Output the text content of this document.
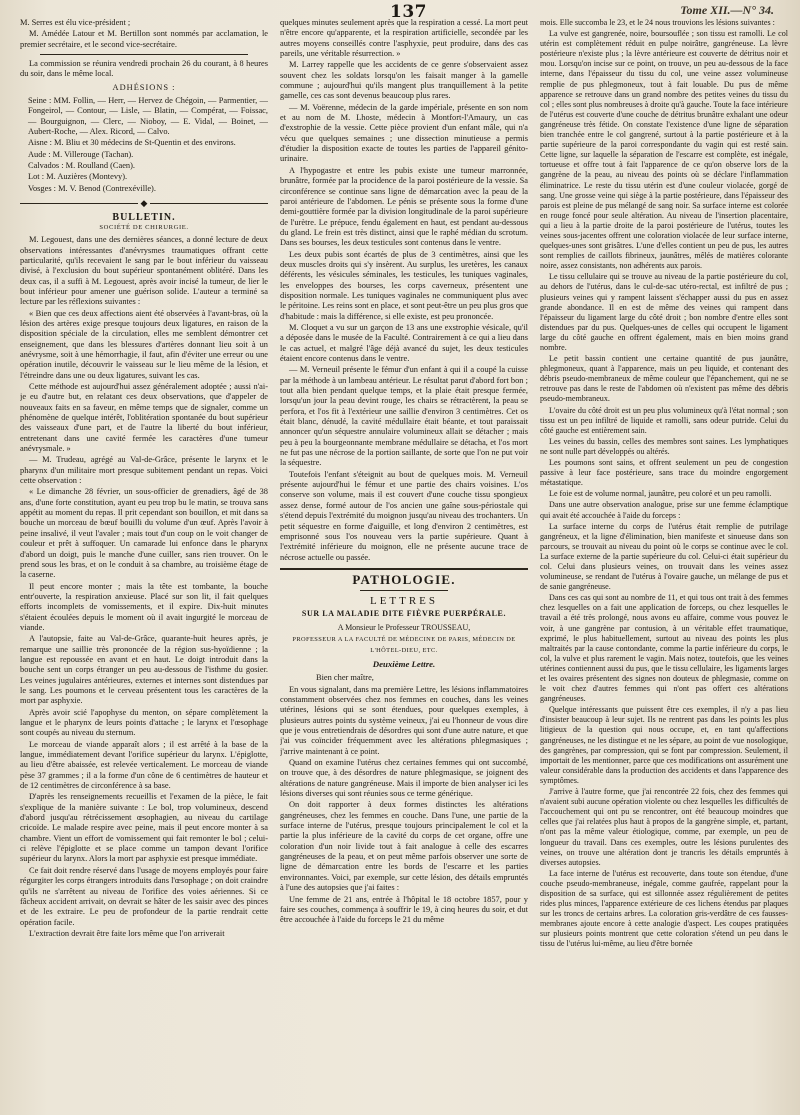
137	Tome XII.—N° 34.

M. Serres est élu vice-président ;

M. Amédée Latour et M. Bertillon sont nommés par acclamation, le premier secrétaire, et le second vice-secrétaire.

La commission se réunira vendredi prochain 26 du courant, à 8 heures du soir, dans le même local.

ADHÉSIONS :

Seine : MM. Follin, — Herr, — Hervez de Chégoin, — Parmentier, — Fongeirol, — Contour, — Lisle, — Blatin, — Compérat, — Foissac, — Bourguignon, — Clerc, — Nioboy, — E. Vidal, — Boinet, — Aubert-Roche, — Alex. Ricord, — Calvo.

Aisne : M. Bliu et 30 médecins de St-Quentin et des environs.

Aude : M. Villerouge (Tachan).

Calvados : M. Roulland (Caen).

Lot : M. Auzières (Montevy).

Vosges : M. V. Benod (Contrexéville).

◆
BULLETIN.
SOCIÉTÉ DE CHIRURGIE.

M. Legouest, dans une des dernières séances, a donné lecture de deux observations intéressantes d'anévrysmes traumatiques offrant cette particularité, qu'ils recevaient le sang par le bout inférieur du vaisseau divisé, à l'exclusion du bout supérieur spontanément oblitéré. Dans les deux cas, il a suffi à M. Legouest, après avoir incisé la tumeur, de lier le bout inférieur pour amener une guérison solide. L'auteur a terminé sa lecture par les réflexions suivantes :

« Bien que ces deux affections aient été observées à l'avant-bras, où la lésion des artères exige presque toujours deux ligatures, en raison de la disposition spéciale de la circulation, elles me semblent démontrer cet enseignement, que dans les blessures d'artères donnant lieu soit à un anévrysme, soit à une hémorrhagie, il faut, afin d'éviter une erreur ou une opération inutile, découvrir le vaisseau sur le lieu même de la lésion, et l'étreindre dans une ou deux ligatures, suivant les cas.

Cette méthode est aujourd'hui assez généralement adoptée ; aussi n'ai-je eu d'autre but, en relatant ces deux observations, que d'appeler de nouveaux faits en sa faveur, en même temps que de signaler, comme un phénomène de quelque intérêt, l'oblitération spontanée du bout supérieur des vaisseaux d'une part, et de l'autre la liberté du bout inférieur, entretenant dans une cavité fermée les caractères d'une tumeur anévrysmale. »

— M. Trudeau, agrégé au Val-de-Grâce, présente le larynx et le pharynx d'un militaire mort presque subitement pendant un repas. Voici cette observation :

« Le dimanche 28 février, un sous-officier de grenadiers, âgé de 38 ans, d'une forte constitution, ayant eu peu trop bu le matin, se trouva sans appétit au moment du repas. Il prit cependant son bouillon, et mit dans sa bouche un morceau de bœuf bouilli du volume d'un œuf. Après l'avoir à peine insalivé, il veut l'avaler ; mais tout d'un coup on le voit changer de couleur et prêt à suffoquer. Un camarade lui enfonce dans le pharynx d'abord un doigt, puis le manche d'une cuiller, sans rien trouver. On le prend sous les bras, et on le conduit à sa chambre, au troisième étage de la caserne.

Il peut encore monter ; mais la tête est tombante, la bouche entr'ouverte, la respiration anxieuse. Placé sur son lit, il fait quelques efforts incomplets de vomissements, et il expire. Dix-huit minutes s'étaient écoulées depuis le moment où il avait ingurgité le morceau de viande.

A l'autopsie, faite au Val-de-Grâce, quarante-huit heures après, je remarque une saillie très prononcée de la région sus-hyoïdienne ; la langue est repoussée en avant et en haut. Le doigt introduit dans la bouche sent un corps étranger un peu au-dessous de l'isthme du gosier. Les veines jugulaires antérieures, externes et internes sont distendues par le sang. Les poumons et le cerveau présentent tous les caractères de la mort par asphyxie.

Après avoir scié l'apophyse du menton, on sépare complètement la langue et le pharynx de leurs points d'attache ; le larynx et l'œsophage sont coupés au niveau du sternum.

Le morceau de viande apparaît alors ; il est arrêté à la base de la langue, immédiatement devant l'orifice supérieur du larynx. L'épiglotte, au lieu d'être abaissée, est relevée verticalement. Le morceau de viande pèse 37 grammes ; il a la forme d'un cône de 6 centimètres de hauteur et de 12 centimètres de circonférence à sa base.

D'après les renseignements recueillis et l'examen de la pièce, le fait s'explique de la manière suivante : Le bol, trop volumineux, descend d'abord jusqu'au rétrécissement œsophagien, au niveau du cartilage cricoïde. Le malade respire avec peine, mais il peut encore monter à sa chambre. Vient un effort de vomissement qui fait remonter le bol ; celui-ci relève l'épiglotte et se place comme un tampon devant l'orifice supérieur du larynx. Alors la mort par asphyxie est presque immédiate.

Ce fait doit rendre réservé dans l'usage de moyens employés pour faire régurgiter les corps étrangers introduits dans l'œsophage ; on doit craindre qu'ils ne s'arrêtent au niveau de l'orifice des voies aériennes. Si ce fâcheux accident arrivait, on devrait se hâter de les saisir avec des pinces et de les extraire. Le peu de profondeur de la partie rendrait cette opération facile.

L'extraction devrait être faite lors même que l'on arriverait

quelques minutes seulement après que la respiration a cessé. La mort peut n'être encore qu'apparente, et la respiration artificielle, secondée par les autres moyens conseillés contre l'asphyxie, peut produire, dans des cas pareils, une véritable résurrection. »

M. Larrey rappelle que les accidents de ce genre s'observaient assez souvent chez les soldats lorsqu'on les faisait manger à la gamelle commune ; aujourd'hui qu'ils mangent plus tranquillement à la petite gamelle, ces cas sont devenus beaucoup plus rares.

— M. Voërenne, médecin de la garde impériale, présente en son nom et au nom de M. Lhoste, médecin à Montfort-l'Amaury, un cas d'exstrophie de la vessie. Cette pièce provient d'un enfant mâle, qui n'a vécu que quelques semaines ; une dissection minutieuse a permis d'étudier la disposition exacte de toutes les parties de l'appareil génito-urinaire.

A l'hypogastre et entre les pubis existe une tumeur marronnée, brunâtre, formée par la procidence de la paroi postérieure de la vessie. Sa circonférence se continue sans ligne de démarcation avec la peau de la paroi antérieure de l'abdomen. Le pénis se présente sous la forme d'une demi-gouttière formée par la division longitudinale de la paroi supérieure de l'urètre. Le prépuce, fendu également en haut, est pendant au-dessous du gland. Le frein est très distinct, ainsi que le raphé médian du scrotum. Dans ses bourses, les deux testicules sont contenus dans le ventre.

Les deux pubis sont écartés de plus de 3 centimètres, ainsi que les deux muscles droits qui s'y insèrent. Au surplus, les uretères, les canaux déférents, les vésicules séminales, les testicules, les tuniques vaginales, les enveloppes des bourses, les corps caverneux, présentent une disposition normale. Les tuniques vaginales ne communiquent plus avec le péritoine. Les reins sont en place, et sont peut-être un peu plus gros que d'habitude : mais la différence, si elle existe, est peu prononcée.

M. Cloquet a vu sur un garçon de 13 ans une exstrophie vésicale, qu'il a déposée dans le musée de la Faculté. Contrairement à ce qui a lieu dans le cas actuel, et malgré l'âge déjà avancé du sujet, les deux testicules étaient encore contenus dans le ventre.

— M. Verneuil présente le fémur d'un enfant à qui il a coupé la cuisse par la méthode à un lambeau antérieur. Le résultat parut d'abord fort bon ; tout alla bien pendant quelque temps, et la plaie était presque fermée, lorsqu'un jour la peau devint rouge, les chairs se rétractèrent, la peau se perfora, et l'os fit à l'extérieur une saillie d'environ 3 centimètres. Cet os était blanc, dénudé, la cavité médullaire était béante, et tout paraissait annoncer qu'un séquestre annulaire volumineux allait se détacher ; mais peu à peu la bourgeonnante membrane médullaire se détacha, et l'os mort ne fut pas une nécrose de la portion saillante, de sorte que l'on ne put voir la séquestre.

Toutefois l'enfant s'éteignit au bout de quelques mois. M. Verneuil présente aujourd'hui le fémur et une partie des chairs voisines. L'os conserve son volume, mais il est couvert d'une couche tissu spongieux assez dense, formé autour de l'os ancien une gaîne sous-périostale qui s'étend depuis l'extrémité du moignon jusqu'au niveau des trochanters. Un petit séquestre en forme d'aiguille, et long d'environ 2 centimètres, est emprisonné sous l'os nouveau vers la partie supérieure. Quant à l'extrémité inférieure du moignon, elle ne présente aucune trace de nécrose actuelle ou passée.

PATHOLOGIE.
LETTRES
SUR LA MALADIE DITE FIÈVRE PUERPÉRALE.
A Monsieur le Professeur TROUSSEAU,
PROFESSEUR A LA FACULTÉ DE MÉDECINE DE PARIS, MÉDECIN DE L'HÔTEL-DIEU, ETC.
Deuxième Lettre.

Bien cher maître,

En vous signalant, dans ma première Lettre, les lésions inflammatoires constamment observées chez nos femmes en couches, dans les veines utérines, lésions qui se sont étendues, pour quelques exemples, à plusieurs autres points du système veineux, j'ai eu l'honneur de vous dire que je vous entretiendrais de désordres qui sont d'une autre nature, et que j'ai vus coïncider fréquemment avec les altérations phlegmasiques ; j'arrive maintenant à ce point.

Quand on examine l'utérus chez certaines femmes qui ont succombé, on trouve que, à des désordres de nature phlegmasique, se joignent des altérations de nature gangréneuse. Mais il importe de bien analyser ici les lésions diverses qui sont réunies sous ce terme générique.

On doit rapporter à deux formes distinctes les altérations gangréneuses, chez les femmes en couche. Dans l'une, une partie de la surface interne de l'utérus, presque toujours principalement le col et la partie la plus inférieure de la cavité du corps de cet organe, offre une coloration d'un noir livide tout à fait analogue à celle des escarres gangréneuses de la peau, et on peut même parfois observer une sorte de ligne de démarcation entre les bords de l'escarre et les parties environnantes. Voici, par exemple, sur cette lésion, des détails empruntés à l'une des autopsies que j'ai faites :

Une femme de 21 ans, entrée à l'hôpital le 18 octobre 1857, pour y faire ses couches, commença à souffrir le 19, à cinq heures du soir, et dut être accouchée à l'aide du forceps le 21 du même

mois. Elle succomba le 23, et le 24 nous trouvions les lésions suivantes :

La vulve est gangrenée, noire, boursouflée ; son tissu est ramolli. Le col utérin est complètement réduit en pulpe noirâtre, gangréneuse. La lèvre postérieure n'existe plus ; la lèvre antérieure est couverte de détritus noir et mou. Lorsqu'on incise sur ce point, on trouve, un peu au-dessous de la face interne, dans l'épaisseur du tissu du col, une veine assez volumineuse remplie de pus phlegmoneux, tout à fait louable. Du pus de même apparence se retrouve dans un grand nombre des petites veines du tissu du col ; elles sont plus nombreuses à droite qu'à gauche. Toute la face intérieure de l'utérus est couverte d'une couche de détritus brunâtre exhalant une odeur gangréneuse très fétide. On constate l'existence d'une ligne de séparation bien tranchée entre le col gangrené, surtout à la partie postérieure et à la partie supérieure de la paroi correspondante du vagin qui est resté sain. Cette ligne, sur laquelle la séparation de l'escarre est complète, est inégale, tortueuse et offre tout à fait l'apparence de ce qu'on observe lors de la gangrène de la peau, au niveau des points où se déclare l'inflammation éliminatrice. Le reste du tissu utérin est d'une couleur violacée, gorgé de sang. Une grosse veine qui siège à la partie postérieure, dans l'épaisseur des parois est pleine de pus mélangé de sang noir. Sa surface interne est colorée en rouge foncé pour seule altération. Au niveau de l'insertion placentaire, qui a lieu à la partie droite de la paroi postérieure de l'utérus, toutes les veines sous-jacentes offrent une coloration violacée de leur surface interne, quelques-unes sont grisâtres. L'une d'elles contient un peu de pus, les autres sont remplies de caillots fibrineux, jaunâtres, mêlés de matières colorante noire, assez consistants, non adhérents aux parois.

Le tissu cellulaire qui se trouve au niveau de la partie postérieure du col, au dehors de l'utérus, dans le cul-de-sac utéro-rectal, est infiltré de pus ; plusieurs veines qui y rampent laissent s'échapper aussi du pus en assez grande abondance. Il en est de même des veines qui rampent dans l'épaisseur du ligament large du côté droit ; bon nombre d'entre elles sont distendues par du pus. Quelques-unes de celles qui occupent le ligament large du côté gauche en offrent également, mais en bien moins grand nombre.

Le petit bassin contient une certaine quantité de pus jaunâtre, phlegmoneux, quant à l'apparence, mais un peu liquide, et contenant des débris pseudo-membraneux de même couleur que l'épanchement, qui ne se retrouve pas dans le reste de l'abdomen où n'existent pas même des débris pseudo-membraneux.

L'ovaire du côté droit est un peu plus volumineux qu'à l'état normal ; son tissu est un peu infiltré de liquide et ramolli, sans odeur putride. Celui du côté gauche est entièrement sain.

Les veines du bassin, celles des membres sont saines. Les lymphatiques ne sont nulle part développés ou altérés.

Les poumons sont sains, et offrent seulement un peu de congestion passive à leur face postérieure, sans trace du moindre engorgement métastatique.

Le foie est de volume normal, jaunâtre, peu coloré et un peu ramolli.

Dans une autre observation analogue, prise sur une femme éclamptique qui avait été accouchée à l'aide du forceps :

La surface interne du corps de l'utérus était remplie de putrilage gangréneux, et la ligne d'élimination, bien manifeste et sinueuse dans son parcours, se trouvait au niveau du point où le corps se continue avec le col. La surface externe de la partie supérieure du col. Celui-ci était supérieur du col. Celui dans plusieurs veines, on trouvait dans les veines assez volumineuse, se rendant de l'utérus à l'ovaire gauche, un mélange de pus et de sanie gangréneuse.

Dans ces cas qui sont au nombre de 11, et qui tous ont trait à des femmes chez lesquelles on a fait une application de forceps, ou chez lesquelles le travail a été très prolongé, nous avons eu affaire, comme vous pouvez le voir, à une gangrène par contusion, à un véritable effet traumatique, exprimé, le plus habituellement, surtout au niveau des points les plus maltraités par la cause contondante, comme la partie inférieure du corps, le col, la vulve et plus rarement le vagin. Mais notez, toutefois, que les veines utérines contiennent aussi du pus, que le tissu cellulaire, les ligaments larges et les ovaires présentent des signes non douteux de phlegmasie, comme on le voit chez d'autres femmes qui n'ont pas offert ces altérations gangréneuses.

Quelque intéressants que puissent être ces exemples, il n'y a pas lieu d'insister beaucoup à leur sujet. Ils ne rentrent pas dans les points les plus litigieux de la question qui nous occupe, et, en tant qu'affections gangréneuses, ne les distingue et ne les sépare, au point de vue nosologique, des gangrènes, par compression, qui se font par compression. Seulement, il importait de les mentionner, parce que ces modifications ont assurément une valeur considérable dans la production des accidents et dans l'apparence des symptômes.

J'arrive à l'autre forme, que j'ai rencontrée 22 fois, chez des femmes qui n'avaient subi aucune opération violente ou chez lesquelles les difficultés de l'accouchement qui ont pu se rencontrer, ont été beaucoup moindres que celles que j'ai relatées plus haut à propos de la gangrène simple, et, partant, n'ont pas la même valeur étiologique, comme, par exemple, un peu de longueur du travail. Dans ces exemples, outre les lésions purulentes des veines, on trouve une altération dont je trancris les détails empruntés à diverses autopsies.

La face interne de l'utérus est recouverte, dans toute son étendue, d'une couche pseudo-membraneuse, inégale, comme gaufrée, rappelant pour la disposition de sa surface, qui est sillonnée assez régulièrement de petites rides plus minces, l'apparence extérieure de ces lichens étendus par plaques sur les troncs de certains arbres. La coloration gris-verdâtre de ces fausses-membranes ajoute encore à cette analogie d'aspect. Les coupes pratiquées sur plusieurs points montrent que cette coloration s'étend un peu dans le tissu de l'utérus lui-même, au lieu d'être bornée
